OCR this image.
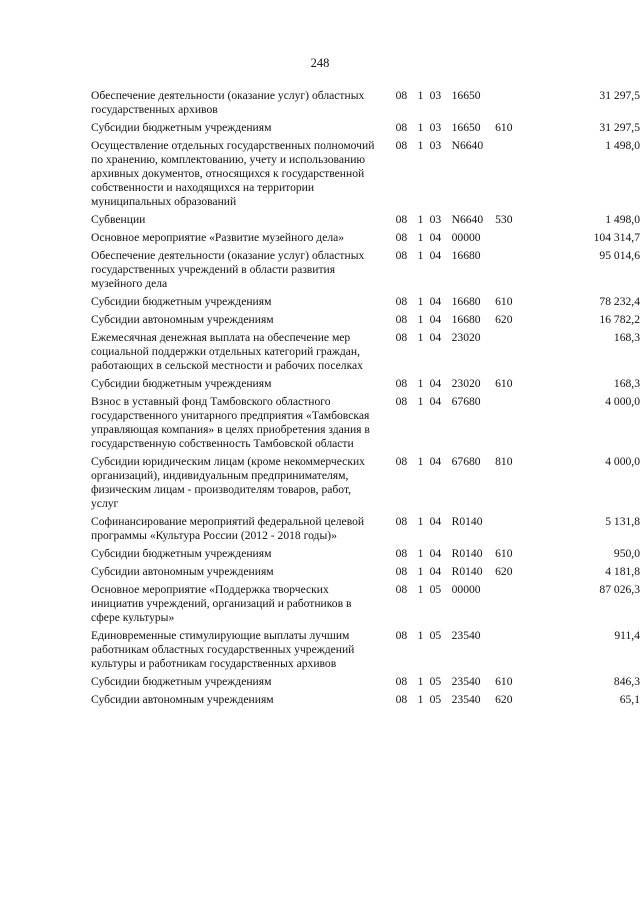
248
Обеспечение деятельности (оказание услуг) областных государственных архивов	08 1 03 16650		31 297,5
Субсидии бюджетным учреждениям	08 1 03 16650	610	31 297,5
Осуществление отдельных государственных полномочий по хранению, комплектованию, учету и использованию архивных документов, относящихся к государственной собственности и находящихся на территории муниципальных образований	08 1 03 N6640		1 498,0
Субвенции	08 1 03 N6640	530	1 498,0
Основное мероприятие «Развитие музейного дела»	08 1 04 00000		104 314,7
Обеспечение деятельности (оказание услуг) областных государственных учреждений в области развития музейного дела	08 1 04 16680		95 014,6
Субсидии бюджетным учреждениям	08 1 04 16680	610	78 232,4
Субсидии автономным учреждениям	08 1 04 16680	620	16 782,2
Ежемесячная денежная выплата на обеспечение мер социальной поддержки отдельных категорий граждан, работающих в сельской местности и рабочих поселках	08 1 04 23020		168,3
Субсидии бюджетным учреждениям	08 1 04 23020	610	168,3
Взнос в уставный фонд Тамбовского областного государственного унитарного предприятия «Тамбовская управляющая компания» в целях приобретения здания в государственную собственность Тамбовской области	08 1 04 67680		4 000,0
Субсидии юридическим лицам (кроме некоммерческих организаций), индивидуальным предпринимателям, физическим лицам - производителям товаров, работ, услуг	08 1 04 67680	810	4 000,0
Софинансирование мероприятий федеральной целевой программы «Культура России (2012 - 2018 годы)»	08 1 04 R0140		5 131,8
Субсидии бюджетным учреждениям	08 1 04 R0140	610	950,0
Субсидии автономным учреждениям	08 1 04 R0140	620	4 181,8
Основное мероприятие «Поддержка творческих инициатив учреждений, организаций и работников в сфере культуры»	08 1 05 00000		87 026,3
Единовременные стимулирующие выплаты лучшим работникам областных государственных учреждений культуры и работникам государственных архивов	08 1 05 23540		911,4
Субсидии бюджетным учреждениям	08 1 05 23540	610	846,3
Субсидии автономным учреждениям	08 1 05 23540	620	65,1
